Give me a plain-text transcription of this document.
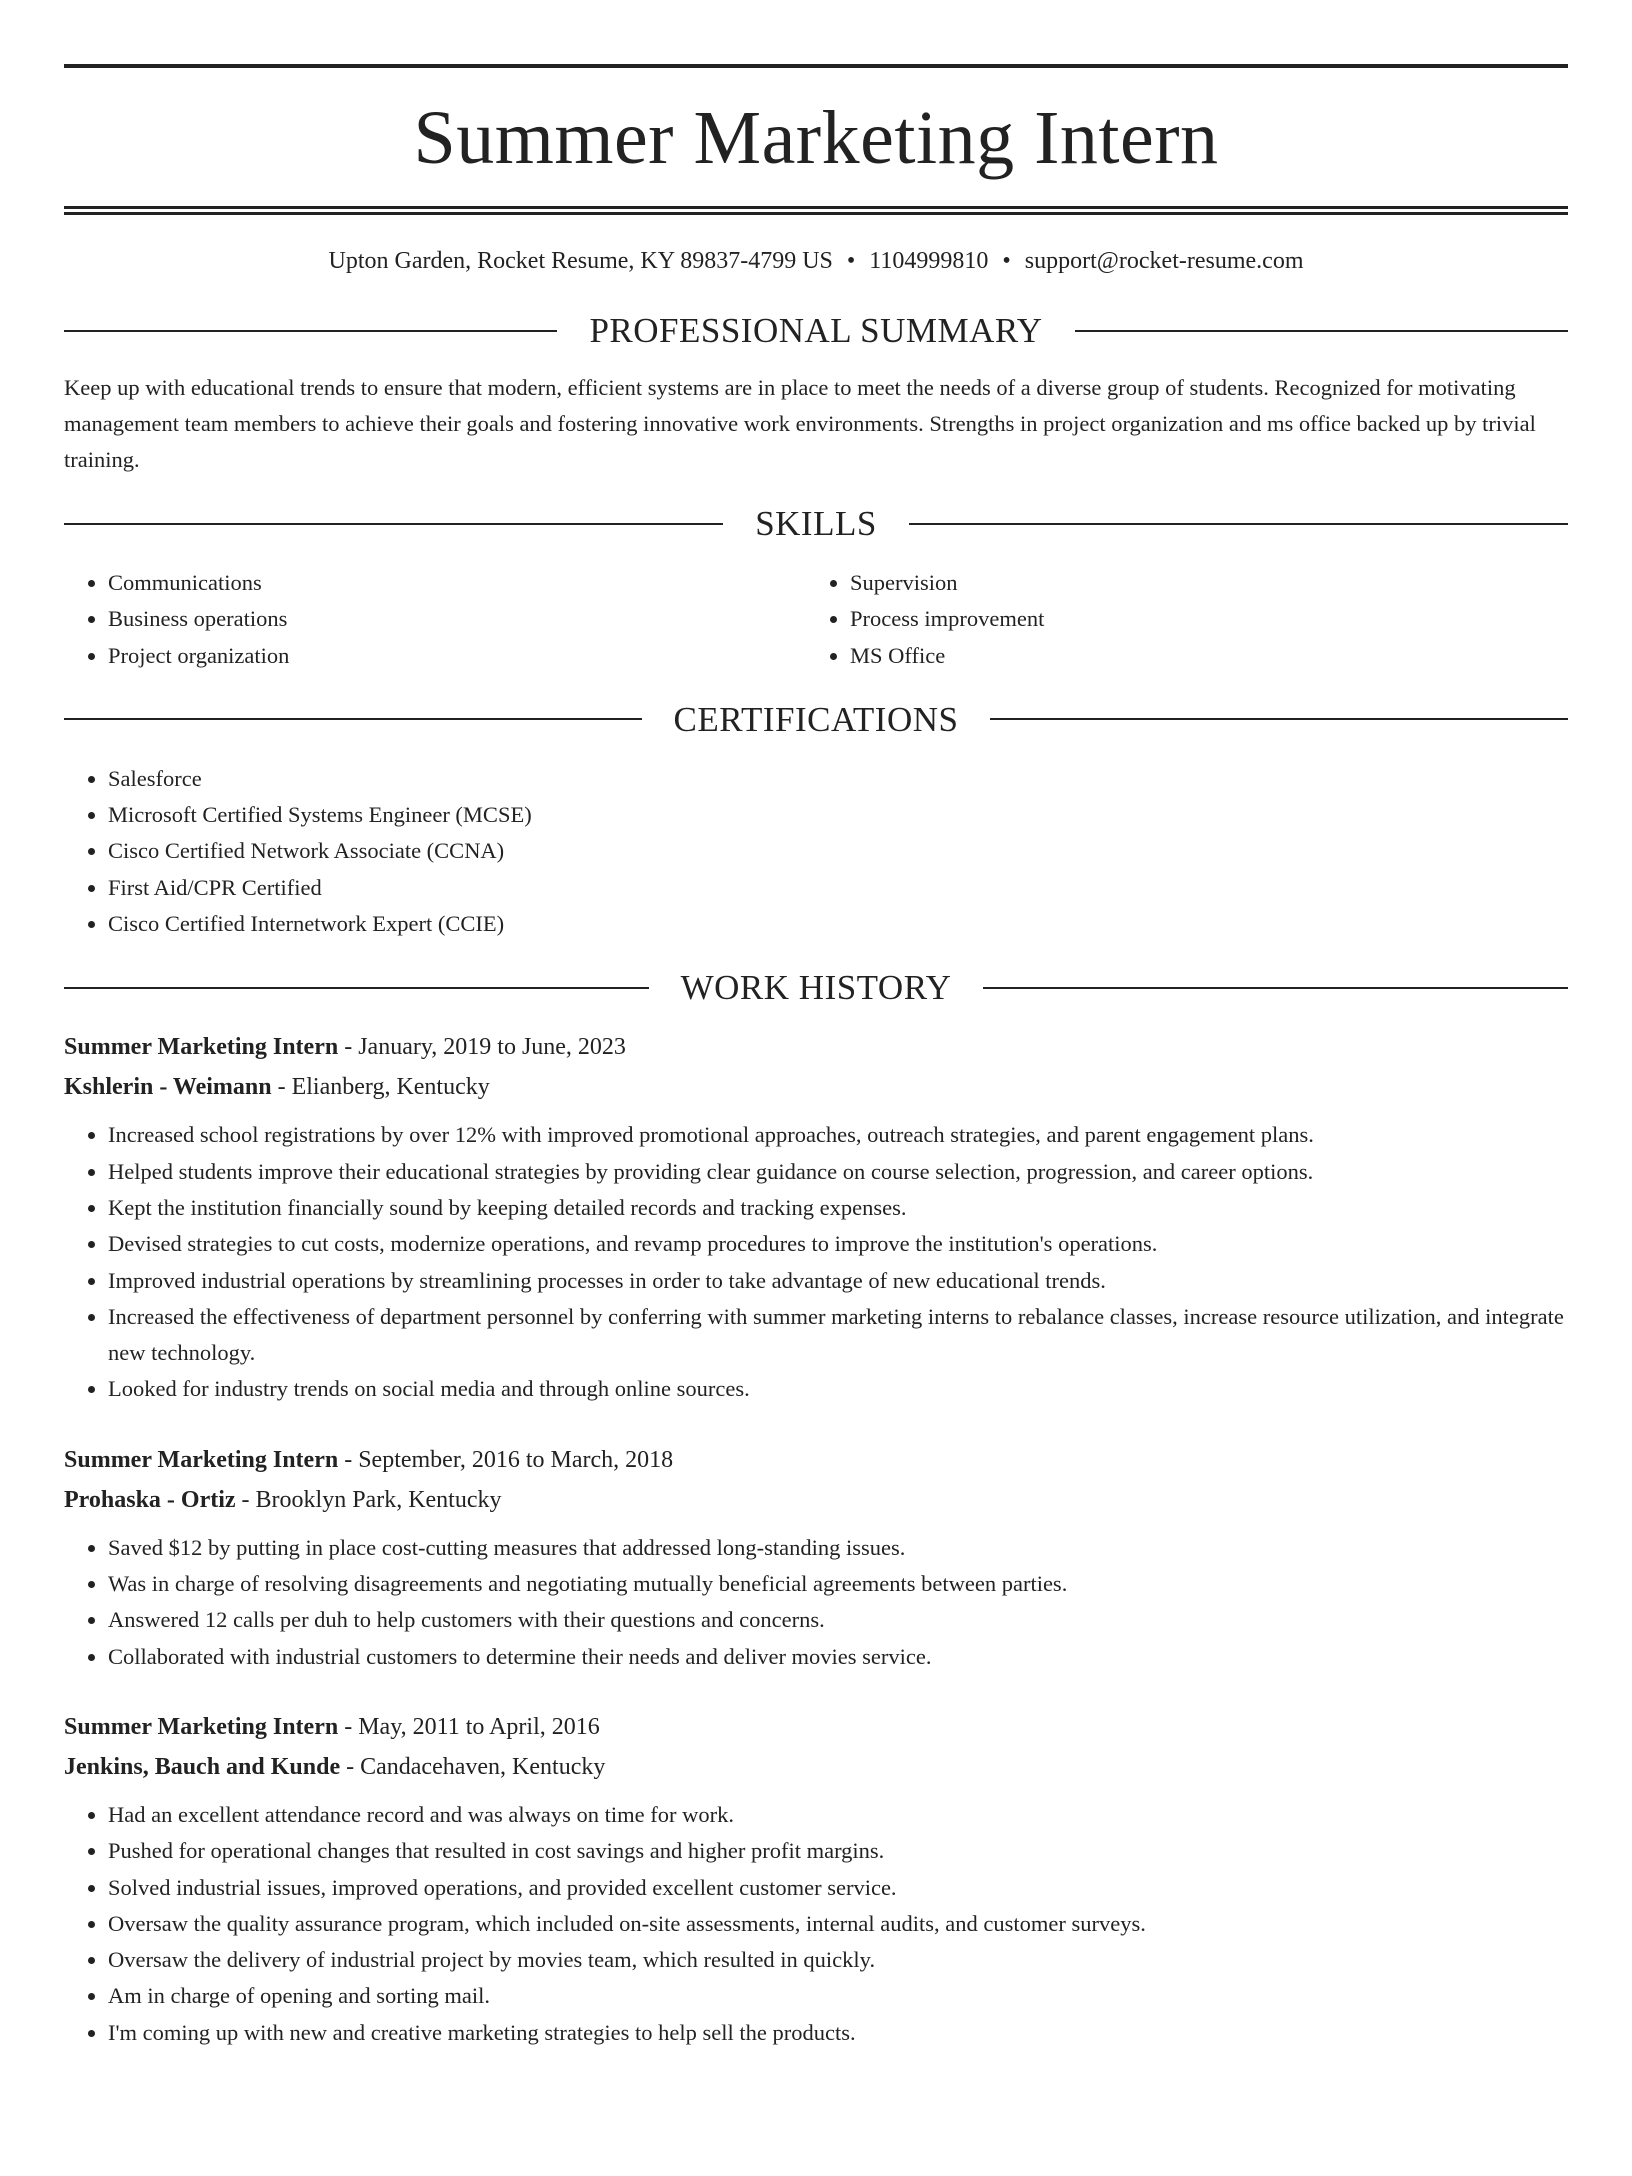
Summer Marketing Intern
Upton Garden, Rocket Resume, KY 89837-4799 US • 1104999810 • support@rocket-resume.com
PROFESSIONAL SUMMARY
Keep up with educational trends to ensure that modern, efficient systems are in place to meet the needs of a diverse group of students. Recognized for motivating management team members to achieve their goals and fostering innovative work environments. Strengths in project organization and ms office backed up by trivial training.
SKILLS
• Communications
• Business operations
• Project organization
• Supervision
• Process improvement
• MS Office
CERTIFICATIONS
• Salesforce
• Microsoft Certified Systems Engineer (MCSE)
• Cisco Certified Network Associate (CCNA)
• First Aid/CPR Certified
• Cisco Certified Internetwork Expert (CCIE)
WORK HISTORY
Summer Marketing Intern - January, 2019 to June, 2023
Kshlerin - Weimann - Elianberg, Kentucky
• Increased school registrations by over 12% with improved promotional approaches, outreach strategies, and parent engagement plans.
• Helped students improve their educational strategies by providing clear guidance on course selection, progression, and career options.
• Kept the institution financially sound by keeping detailed records and tracking expenses.
• Devised strategies to cut costs, modernize operations, and revamp procedures to improve the institution's operations.
• Improved industrial operations by streamlining processes in order to take advantage of new educational trends.
• Increased the effectiveness of department personnel by conferring with summer marketing interns to rebalance classes, increase resource utilization, and integrate new technology.
• Looked for industry trends on social media and through online sources.
Summer Marketing Intern - September, 2016 to March, 2018
Prohaska - Ortiz - Brooklyn Park, Kentucky
• Saved $12 by putting in place cost-cutting measures that addressed long-standing issues.
• Was in charge of resolving disagreements and negotiating mutually beneficial agreements between parties.
• Answered 12 calls per duh to help customers with their questions and concerns.
• Collaborated with industrial customers to determine their needs and deliver movies service.
Summer Marketing Intern - May, 2011 to April, 2016
Jenkins, Bauch and Kunde - Candacehaven, Kentucky
• Had an excellent attendance record and was always on time for work.
• Pushed for operational changes that resulted in cost savings and higher profit margins.
• Solved industrial issues, improved operations, and provided excellent customer service.
• Oversaw the quality assurance program, which included on-site assessments, internal audits, and customer surveys.
• Oversaw the delivery of industrial project by movies team, which resulted in quickly.
• Am in charge of opening and sorting mail.
• I'm coming up with new and creative marketing strategies to help sell the products.
